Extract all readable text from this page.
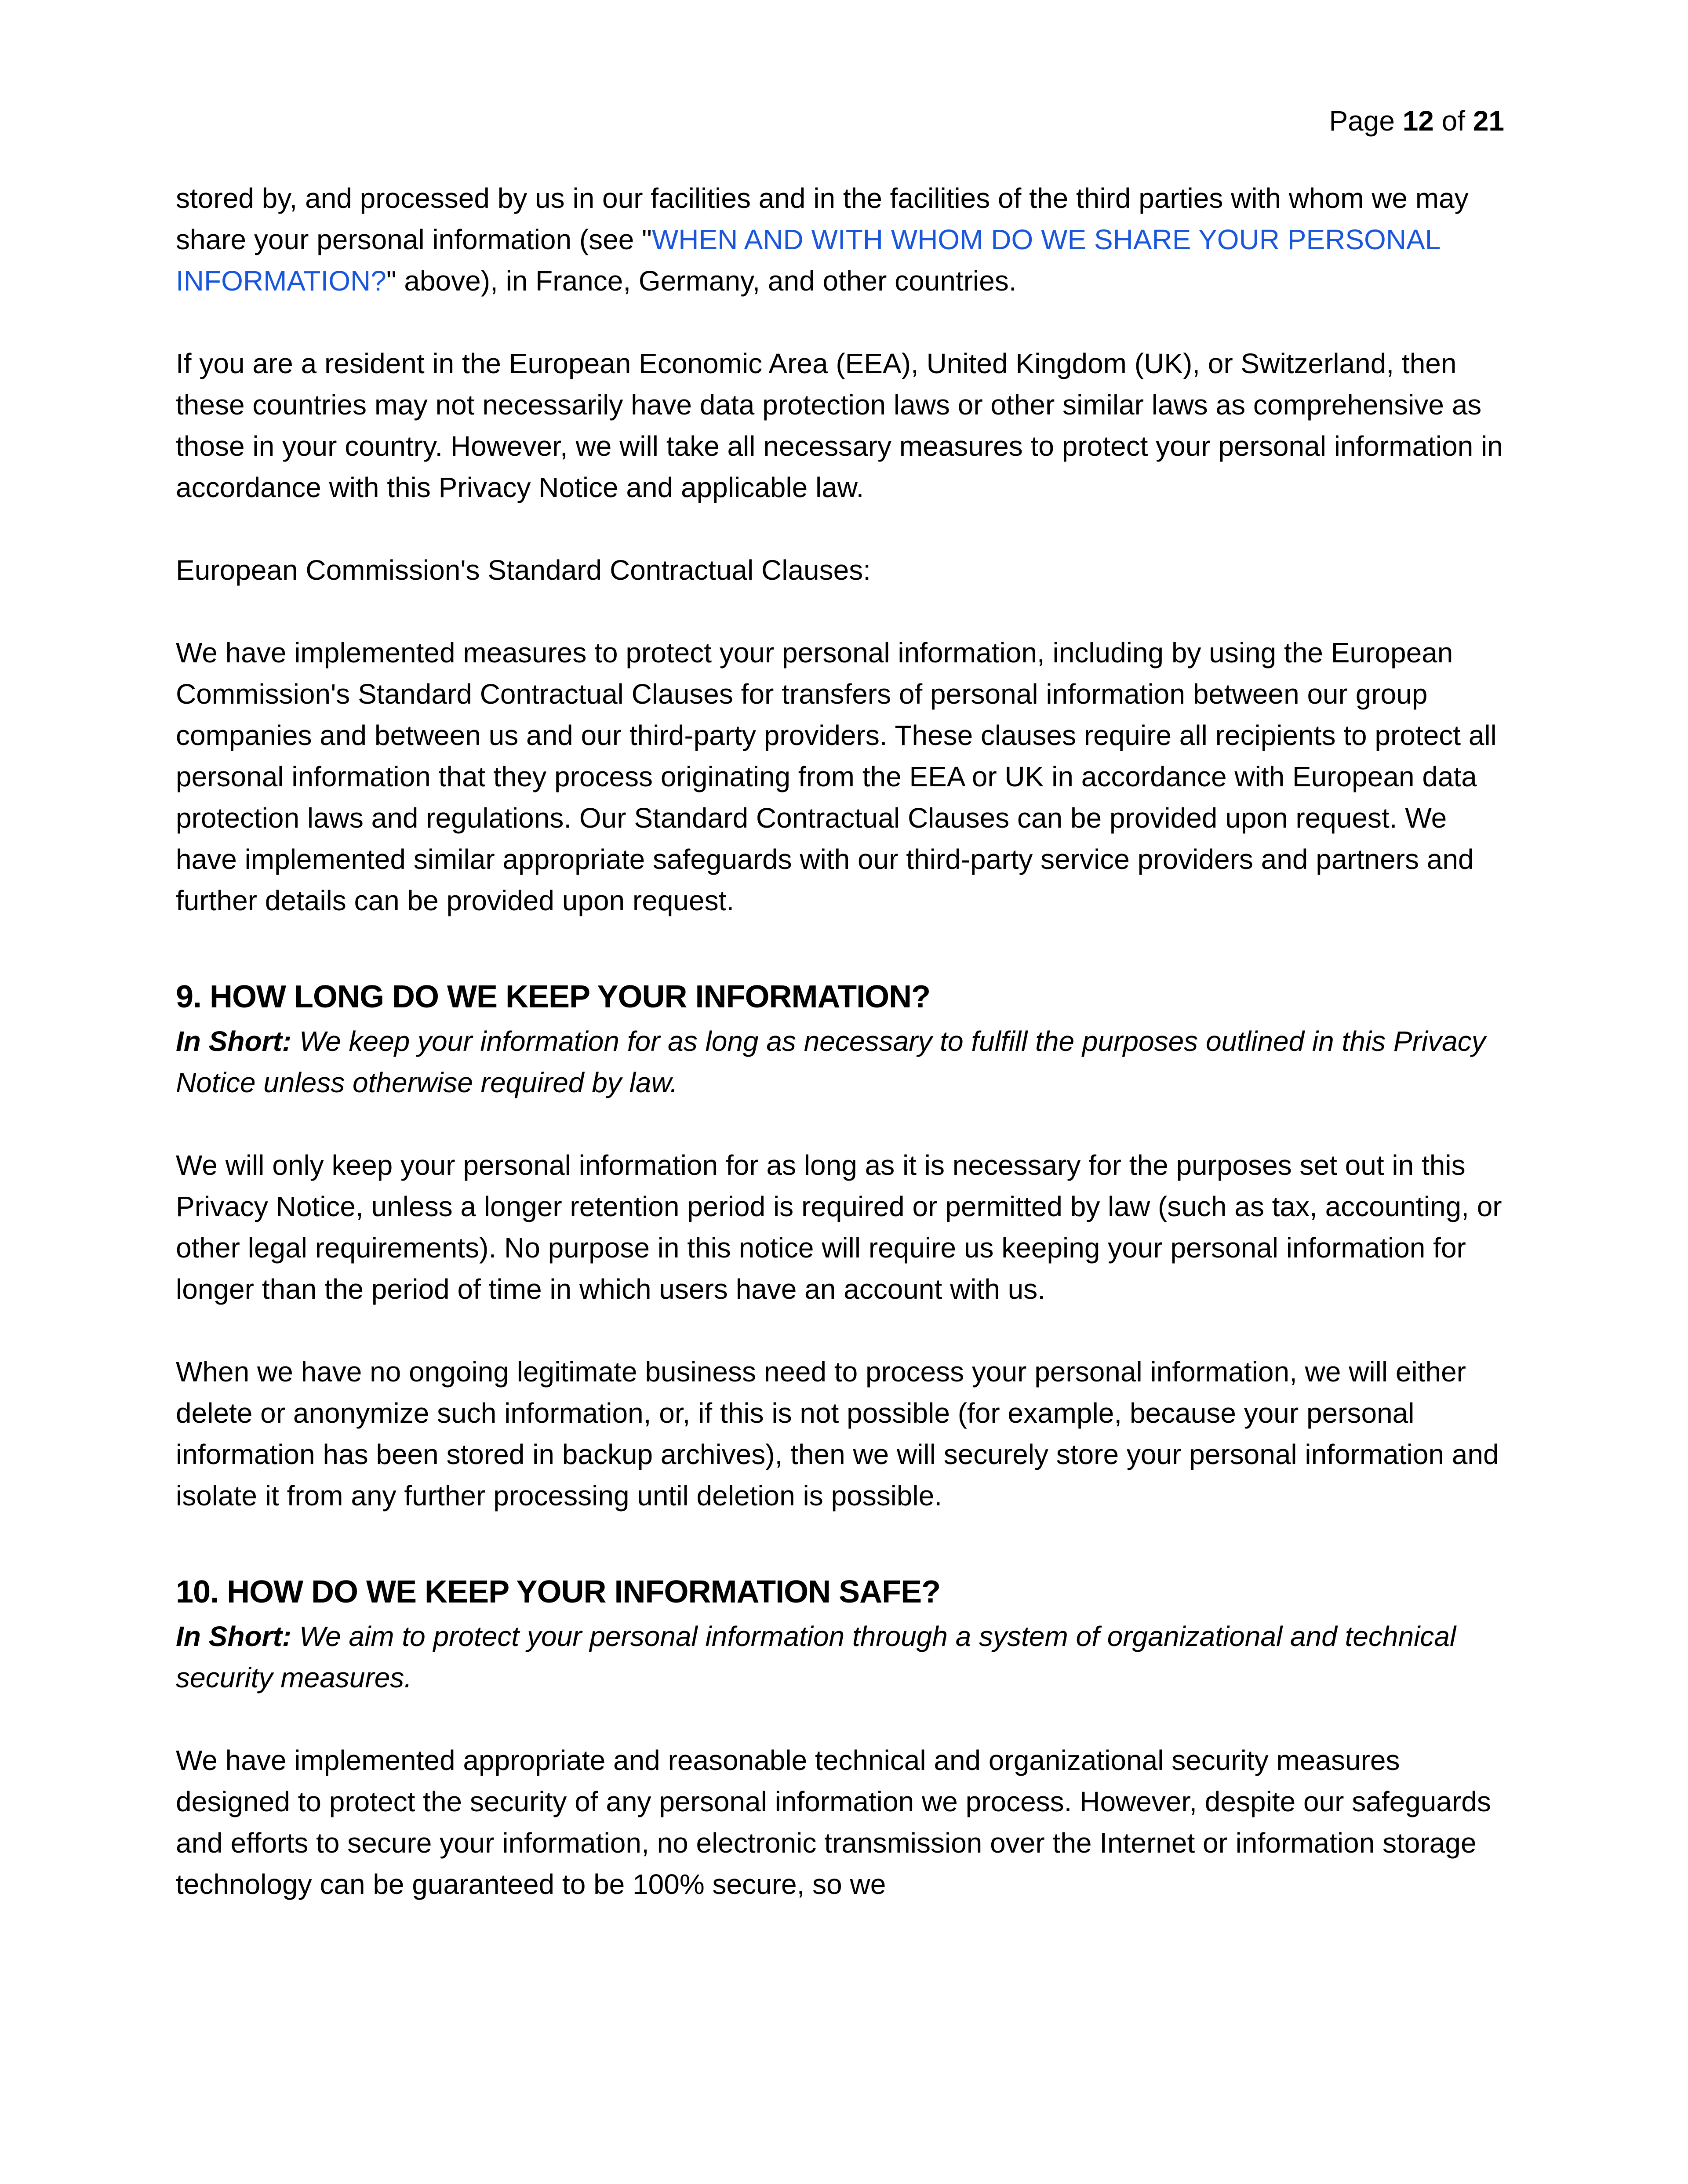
Page 12 of 21

stored by, and processed by us in our facilities and in the facilities of the third parties with whom we may share your personal information (see "WHEN AND WITH WHOM DO WE SHARE YOUR PERSONAL INFORMATION?" above), in France, Germany, and other countries.

If you are a resident in the European Economic Area (EEA), United Kingdom (UK), or Switzerland, then these countries may not necessarily have data protection laws or other similar laws as comprehensive as those in your country. However, we will take all necessary measures to protect your personal information in accordance with this Privacy Notice and applicable law.

European Commission's Standard Contractual Clauses:

We have implemented measures to protect your personal information, including by using the European Commission's Standard Contractual Clauses for transfers of personal information between our group companies and between us and our third-party providers. These clauses require all recipients to protect all personal information that they process originating from the EEA or UK in accordance with European data protection laws and regulations. Our Standard Contractual Clauses can be provided upon request. We have implemented similar appropriate safeguards with our third-party service providers and partners and further details can be provided upon request.

9. HOW LONG DO WE KEEP YOUR INFORMATION?

In Short: We keep your information for as long as necessary to fulfill the purposes outlined in this Privacy Notice unless otherwise required by law.

We will only keep your personal information for as long as it is necessary for the purposes set out in this Privacy Notice, unless a longer retention period is required or permitted by law (such as tax, accounting, or other legal requirements). No purpose in this notice will require us keeping your personal information for longer than the period of time in which users have an account with us.

When we have no ongoing legitimate business need to process your personal information, we will either delete or anonymize such information, or, if this is not possible (for example, because your personal information has been stored in backup archives), then we will securely store your personal information and isolate it from any further processing until deletion is possible.

10. HOW DO WE KEEP YOUR INFORMATION SAFE?

In Short: We aim to protect your personal information through a system of organizational and technical security measures.

We have implemented appropriate and reasonable technical and organizational security measures designed to protect the security of any personal information we process. However, despite our safeguards and efforts to secure your information, no electronic transmission over the Internet or information storage technology can be guaranteed to be 100% secure, so we
